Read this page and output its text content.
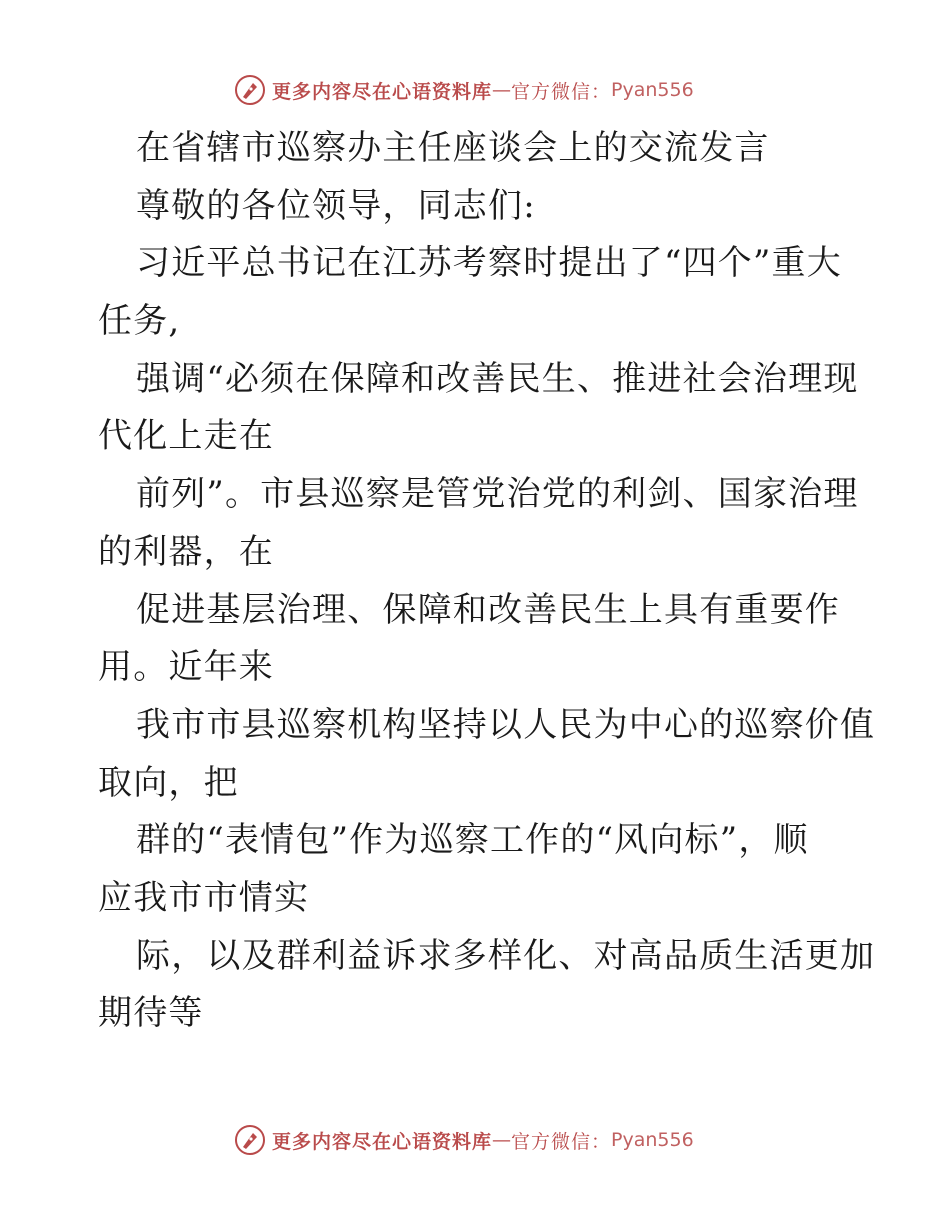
更多内容尽在心语资料库 — 官方微信： Pyan556
在省辖市巡察办主任座谈会上的交流发言
尊敬的各位领导，同志们:
习近平总书记在江苏考察时提出了“四个”重大
任务,
强调“必须在保障和改善民生、推进社会治理现
代化上走在
前列”。市县巡察是管党治党的利剑、国家治理
的利器，在
促进基层治理、保障和改善民生上具有重要作
用。近年来
我市市县巡察机构坚持以人民为中心的巡察价值
取向，把
群的“表情包”作为巡察工作的“风向标”，顺
应我市市情实
际，以及群利益诉求多样化、对高品质生活更加
期待等
更多内容尽在心语资料库 — 官方微信： Pyan556
